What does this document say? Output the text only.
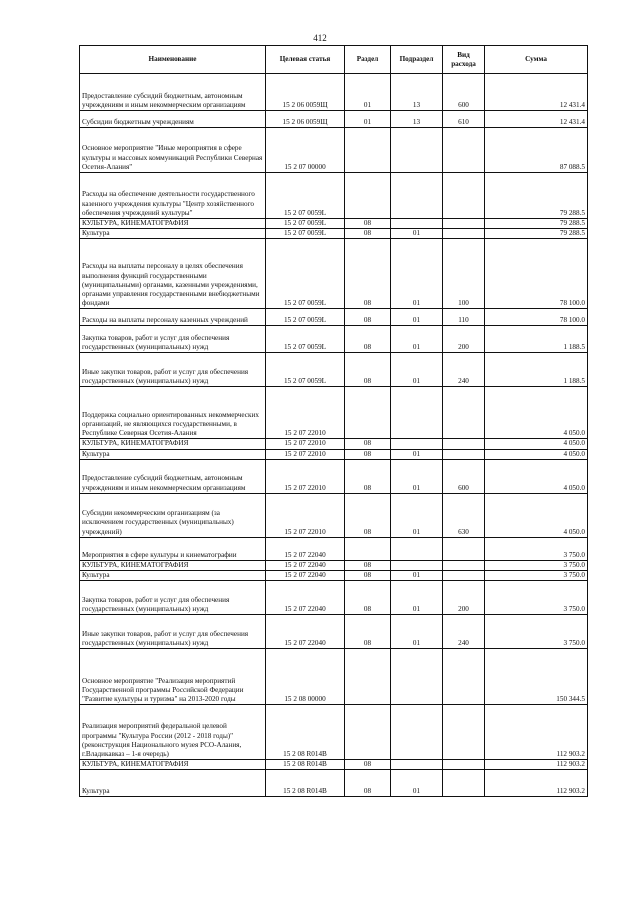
412
Наименование	Целевая статья	Раздел	Подраздел	Вид расхода	Сумма
Предоставление субсидий бюджетным, автономным учреждениям и иным некоммерческим организациям	15 2 06 0059Щ	01	13	600	12 431.4
Субсидии бюджетным учреждениям	15 2 06 0059Щ	01	13	610	12 431.4
Основное мероприятие "Иные мероприятия в сфере культуры и массовых коммуникаций Республики Северная Осетия-Алания"	15 2 07 00000				87 088.5
Расходы на обеспечение деятельности государственного казенного учреждения культуры "Центр хозяйственного обеспечения учреждений культуры"	15 2 07 0059L				79 288.5
КУЛЬТУРА, КИНЕМАТОГРАФИЯ	15 2 07 0059L	08			79 288.5
Культура	15 2 07 0059L	08	01		79 288.5
Расходы на выплаты персоналу в целях обеспечения выполнения функций государственными (муниципальными) органами, казенными учреждениями, органами управления государственными внебюджетными фондами	15 2 07 0059L	08	01	100	78 100.0
Расходы на выплаты персоналу казенных учреждений	15 2 07 0059L	08	01	110	78 100.0
Закупка товаров, работ и услуг для обеспечения государственных (муниципальных) нужд	15 2 07 0059L	08	01	200	1 188.5
Иные закупки товаров, работ и услуг для обеспечения государственных (муниципальных) нужд	15 2 07 0059L	08	01	240	1 188.5
Поддержка социально ориентированных некоммерческих организаций, не являющихся государственными, в Республике Северная Осетия-Алания	15 2 07 22010				4 050.0
КУЛЬТУРА, КИНЕМАТОГРАФИЯ	15 2 07 22010	08			4 050.0
Культура	15 2 07 22010	08	01		4 050.0
Предоставление субсидий бюджетным, автономным учреждениям и иным некоммерческим организациям	15 2 07 22010	08	01	600	4 050.0
Субсидии некоммерческим организациям (за исключением государственных (муниципальных) учреждений)	15 2 07 22010	08	01	630	4 050.0
Мероприятия в сфере культуры и кинематографии	15 2 07 22040				3 750.0
КУЛЬТУРА, КИНЕМАТОГРАФИЯ	15 2 07 22040	08			3 750.0
Культура	15 2 07 22040	08	01		3 750.0
Закупка товаров, работ и услуг для обеспечения государственных (муниципальных) нужд	15 2 07 22040	08	01	200	3 750.0
Иные закупки товаров, работ и услуг для обеспечения государственных (муниципальных) нужд	15 2 07 22040	08	01	240	3 750.0
Основное мероприятие "Реализация мероприятий Государственной программы Российской Федерации "Развитие культуры и туризма" на 2013-2020 годы	15 2 08 00000				150 344.5
Реализация мероприятий федеральной целевой программы "Культура России (2012 - 2018 годы)" (реконструкция Национального музея РСО-Алания, г.Владикавказ – 1-я очередь)	15 2 08 R014B				112 903.2
КУЛЬТУРА, КИНЕМАТОГРАФИЯ	15 2 08 R014B	08			112 903.2
Культура	15 2 08 R014B	08	01		112 903.2
